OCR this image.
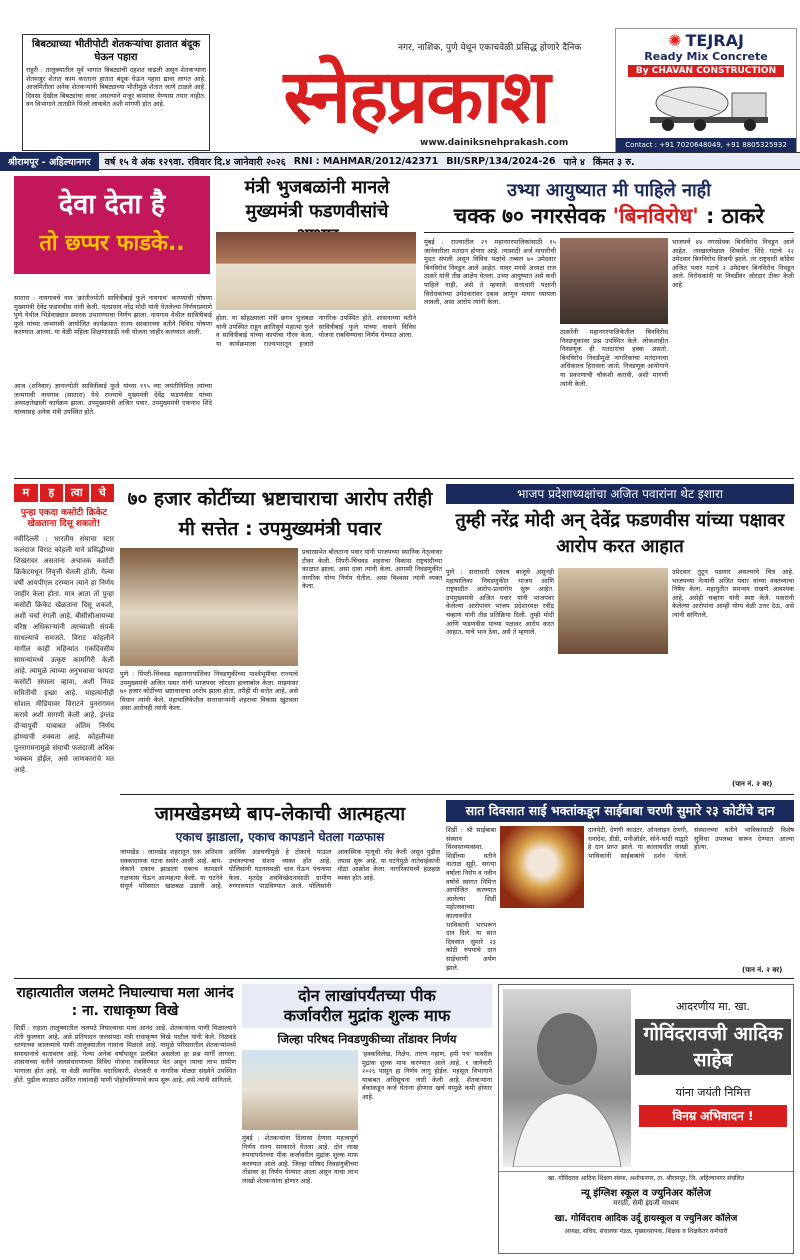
बिबट्याच्या भीतीपोटी शेतकऱ्यांचा हातात बंदूक घेऊन पहारा
राहुरी : तालुक्यातील पूर्व भागात बिबट्यांची दहशत वाढली असून शेतकऱ्यांना शेतमजूर शेतात काम करताना हातात बंदूक घेऊन पहारा द्यावा लागत आहे. आजमितीला अनेक शेतकऱ्यांनी बिबट्याच्या भीतीमुळे शेतात जाणे टाळले आहे. दिवसा देखील बिबट्यांचा वावर असल्याने मजूर कामावर येण्यास तयार नाहीत. वन विभागाने तातडीने पिंजरे लावावेत अशी मागणी होत आहे.
नगर, नाशिक, पुणे येथून एकाचवेळी प्रसिद्ध होणारे दैनिक
स्नेहप्रकाश
www.dainiksnehprakash.com
✺ TEJRAJ
Ready Mix Concrete
By CHAVAN CONSTRUCTION
Contact : +91 7020648049, +91 8805325932
श्रीरामपूर - अहिल्यानगर	वर्ष १५ वे अंक १२९वा. रविवार दि.४ जानेवारी २०२६ RNI : MAHMAR/2012/42371 BII/SRP/134/2024-26 पाने ४ किंमत ३ रु.
देवा देता है
तो छप्पर फाडके..
मंत्री भुजबळांनी मानले मुख्यमंत्री फडणवीसांचे
सातारा : नायगावचे नाव 'क्रांतीज्योती सावित्रीबाई फुले नायगाव' करण्याची घोषणा मुख्यमंत्री देवेंद्र फडणवीस यांनी केली. पंतप्रधान नरेंद्र मोदी यांनी घेतलेल्या निर्णयाप्रमाणे पुणे येथील भिडेवाड्यात स्मारक उभारण्याचा निर्णय झाला. नायगाव येथील सावित्रीबाई फुले यांच्या जन्मगावी आयोजित कार्यक्रमात राज्य सरकारच्या वतीने विविध घोषणा करण्यात आल्या. या वेळी महिला शिक्षणासाठी नवी योजना जाहीर करण्यात आली.
आज (शनिवार) ज्ञानज्योती सावित्रीबाई फुले यांच्या १९५ व्या जयंतीनिमित्त त्यांच्या जन्मगावी नायगाव (सातारा) येथे राज्याचे मुख्यमंत्री देवेंद्र फडणवीस यांच्या अध्यक्षतेखाली कार्यक्रम झाला. उपमुख्यमंत्री अजित पवार, उपमुख्यमंत्री एकनाथ शिंदे यांच्यासह अनेक मंत्री उपस्थित होते.
होता. या सोहळ्याला मंत्री छगन भुजबळ यांनी उपस्थित राहून क्रांतिसूर्य महात्मा फुले व सावित्रीबाई यांच्या कार्याचा गौरव केला. या कार्यक्रमाला राज्यभरातून हजारो नागरिक उपस्थित होते. शासनाच्या वतीने सावित्रीबाई फुले यांच्या नावाने विविध योजना राबविण्याचा निर्णय घेण्यात आला.
उभ्या आयुष्यात मी पाहिले नाही
चक्क ७० नगरसेवक 'बिनविरोध' : ठाकरे
मुंबई : राज्यातील २९ महानगरपालिकांसाठी १५ जानेवारीला मतदान होणार आहे. त्यासाठी अर्ज माघारीची मुदत संपली असून विविध पक्षांचे तब्बल ७० उमेदवार बिनविरोध निवडून आले आहेत. यावर मनसे अध्यक्ष राज ठाकरे यांनी तीव्र आक्षेप घेतला. उभ्या आयुष्यात असे कधी पाहिले नाही, असे ते म्हणाले. सत्ताधारी पक्षांनी विरोधकांच्या उमेदवारांवर दबाव आणून माघार घ्यायला लावली, असा आरोप त्यांनी केला.
ठाकरेंनी महानगरपालिकेतील बिनविरोध निवडणुकांवर प्रश्न उपस्थित केले. लोकशाहीत निवडणूक ही मतदारांचा हक्क असतो. बिनविरोध निवडीमुळे नागरिकांचा मतदानाचा अधिकारच हिरावला जातो. निवडणूक आयोगाने या प्रकरणाची चौकशी करावी, अशी मागणी त्यांनी केली.
भाजपचे ४४ नगरसेवक बिनविरोध निवडून आले आहेत. त्याखालोखाल शिवसेना शिंदे गटाचे २२ उमेदवार बिनविरोध विजयी झाले. तर राष्ट्रवादी काँग्रेस अजित पवार गटाचे २ उमेदवार बिनविरोध निवडून आले. विरोधकांनी या निवडींवर जोरदार टीका केली आहे.
म	ह	त्वा	चे
पुन्हा एकदा कसोटी क्रिकेट खेळताना दिसू शकतो!
नवीदिल्ली : भारतीय संघाचा स्टार फलंदाज विराट कोहली याने प्रसिद्धीच्या शिखरावर असताना अचानक कसोटी क्रिकेटमधून निवृत्ती घेतली होती. गेल्या वर्षी आयपीएल दरम्यान त्याने हा निर्णय जाहीर केला होता. मात्र आता तो पुन्हा कसोटी क्रिकेट खेळताना दिसू शकतो, अशी चर्चा रंगली आहे. बीसीसीआयच्या वरिष्ठ अधिकाऱ्यांनी त्याच्याशी संपर्क साधल्याचे समजते. विराट कोहलीने मागील काही महिन्यांत एकदिवसीय सामन्यांमध्ये उत्कृष्ट कामगिरी केली आहे. त्यामुळे त्याच्या अनुभवाचा फायदा कसोटी संघाला व्हावा, अशी निवड समितीची इच्छा आहे. चाहत्यांनीही सोशल मीडियावर विराटने पुनरागमन करावे अशी मागणी केली आहे. इंग्लंड दौऱ्यापूर्वी याबाबत अंतिम निर्णय होण्याची शक्यता आहे. कोहलीच्या पुनरागमनामुळे संघाची फलंदाजी अधिक भक्कम होईल, असे जाणकारांचे मत आहे.
७० हजार कोटींच्या भ्रष्टाचाराचा आरोप तरीही मी सत्तेत : उपमुख्यमंत्री पवार
पुणे : पिंपरी-चिंचवड महानगरपालिका निवडणुकीच्या पार्श्वभूमीवर राज्याचे उपमुख्यमंत्री अजित पवार यांनी भाजपवर जोरदार हल्लाबोल केला. माझ्यावर ७० हजार कोटींच्या भ्रष्टाचाराचा आरोप झाला होता, तरीही मी सत्तेत आहे, असे विधान त्यांनी केले. महापालिकेतील सत्ताधाऱ्यांनी शहराचा विकास खुंटवला असा आरोपही त्यांनी केला.
प्रचारसभेत बोलताना पवार यांनी भाजपच्या स्थानिक नेतृत्वावर टीका केली. पिंपरी-चिंचवड शहराचा विकास राष्ट्रवादीच्या काळात झाला, असा दावा त्यांनी केला. आगामी निवडणुकीत नागरिक योग्य निर्णय घेतील, असा विश्वास त्यांनी व्यक्त केला.
भाजप प्रदेशाध्यक्षांचा अजित पवारांना थेट इशारा
तुम्ही नरेंद्र मोदी अन् देवेंद्र फडणवीस यांच्या पक्षावर आरोप करत आहात
पुणे : सत्ताधारी एकाच बाजूचे असूनही महापालिका निवडणुकीत भाजप आणि राष्ट्रवादीत आरोप-प्रत्यारोप सुरू आहेत. उपमुख्यमंत्री अजित पवार यांनी भाजपवर केलेल्या आरोपांवर भाजप प्रदेशाध्यक्ष रवींद्र चव्हाण यांनी तीव्र प्रतिक्रिया दिली. तुम्ही मोदी आणि फडणवीस यांच्या पक्षावर आरोप करत आहात, याचे भान ठेवा, असे ते म्हणाले.
उमेदवार तुटून पडणार असल्याचे चित्र आहे. भाजपच्या नेत्यांनी अजित पवार यांच्या वक्तव्याचा निषेध केला. महायुतीत समन्वय राखणे आवश्यक आहे, असेही चव्हाण यांनी स्पष्ट केले. पवारांनी केलेल्या आरोपांना आम्ही योग्य वेळी उत्तर देऊ, असे त्यांनी सांगितले.
(पान नं. २ वर)
जामखेडमध्ये बाप-लेकाची आत्महत्या
एकाच झाडाला, एकाच कापडाने घेतला गळफास
जामखेड : जामखेड शहरातून एक अतिशय धक्कादायक घटना समोर आली आहे. बाप-लेकाने एकाच झाडाला एकाच कापडाने गळफास घेऊन आत्महत्या केली. या घटनेने संपूर्ण परिसरात खळबळ उडाली आहे. आर्थिक अडचणीमुळे हे टोकाचे पाऊल उचलल्याचा संशय व्यक्त होत आहे. पोलिसांनी घटनास्थळी धाव घेऊन पंचनामा केला. मृतदेह शवविच्छेदनासाठी ग्रामीण रुग्णालयात पाठविण्यात आले. पोलिसांनी आकस्मिक मृत्यूची नोंद केली असून पुढील तपास सुरू आहे. या घटनेमुळे नातेवाईकांनी मोठा आक्रोश केला. नागरिकांमध्ये हळहळ व्यक्त होत आहे.
सात दिवसात साई भक्तांकडून साईबाबा चरणी सुमारे २३ कोटींचे दान
शिर्डी : श्री साईबाबा संस्थान विश्वस्तव्यवस्था, शिर्डीच्या वतीने नाताळ सुट्टी, सरत्या वर्षाला निरोप व नवीन वर्षाचे स्वागत निमित्त आयोजित करण्यात आलेल्या शिर्डी महोत्सवाच्या कालावधीत भाविकांनी भरभरून दान दिले. या सात दिवसांत सुमारे २३ कोटी रुपयांचे दान साईचरणी अर्पण झाले.
दानपेटी, देणगी काउंटर, ऑनलाइन देणगी, धनादेश, डीडी, मनीऑर्डर, सोने-चांदी याद्वारे हे दान प्राप्त झाले. या कालावधीत लाखो भाविकांनी साईबाबांचे दर्शन घेतले. संस्थानच्या वतीने भाविकांसाठी विशेष सुविधा उपलब्ध करून देण्यात आल्या होत्या.
(पान नं. २ वर)
राहात्यातील जलमटे निघाल्याचा मला आनंद : ना. राधाकृष्ण विखे
शिर्डी : राहाता तालुक्यातील जलमटे निघाल्याचा मला आनंद आहे. शेतकऱ्यांना पाणी मिळाल्याने शेती फुलणार आहे, असे प्रतिपादन जलसंपदा मंत्री राधाकृष्ण विखे पाटील यांनी केले. निळवंडे धरणाच्या कालव्यांचे पाणी तालुक्यातील गावांना मिळाले आहे. यामुळे परिसरातील शेतकऱ्यांमध्ये समाधानाचे वातावरण आहे. गेल्या अनेक वर्षांपासून प्रलंबित असलेला हा प्रश्न मार्गी लागला. शासनाच्या वतीने जलसंधारणाच्या विविध योजना राबविण्यात येत असून त्याचा लाभ ग्रामीण भागाला होत आहे. या वेळी स्थानिक पदाधिकारी, शेतकरी व नागरिक मोठ्या संख्येने उपस्थित होते. पुढील काळात उर्वरित गावांनाही पाणी पोहोचविण्याचे काम सुरू आहे, असे त्यांनी सांगितले.
दोन लाखांपर्यंतच्या पीक
कर्जावरील मुद्रांक शुल्क माफ
जिल्हा परिषद निवडणुकीच्या तोंडावर निर्णय
मुंबई : शेतकऱ्यांना दिलासा देणारा महत्त्वपूर्ण निर्णय राज्य सरकारने घेतला आहे. दोन लाख रुपयांपर्यंतच्या पीक कर्जावरील मुद्रांक शुल्क माफ करण्यात आले आहे. जिल्हा परिषद निवडणुकीच्या तोंडावर हा निर्णय घेण्यात आला असून याचा लाभ लाखो शेतकऱ्यांना होणार आहे.
'हक्कविलेख, निक्षेप, तारण गहाण, हमी पत्र' यावरील मुद्रांक शुल्क माफ करण्यात आले आहे. १ जानेवारी २०२६ पासून हा निर्णय लागू होईल. महसूल विभागाने याबाबत अधिसूचना जारी केली आहे. शेतकऱ्यांना बँकांकडून कर्ज घेताना होणारा खर्च यामुळे कमी होणार आहे.
आदरणीय मा. खा.
गोविंदरावजी आदिक साहेब
यांना जयंती निमित्त
विनम्र अभिवादन !
खा. गोविंदराव आदिक शिक्षण संस्था, अशोकनगर, ता. श्रीरामपूर, जि. अहिल्यानगर संचलित
न्यू इंग्लिश स्कूल व ज्युनिअर कॉलेज
मराठी, सेमी इंग्रजी माध्यम
खा. गोविंदराव आदिक उर्दू हायस्कूल व ज्युनिअर कॉलेज
अध्यक्ष, सचिव, संचालक मंडळ, मुख्याध्यापक, शिक्षक व शिक्षकेतर कर्मचारी
